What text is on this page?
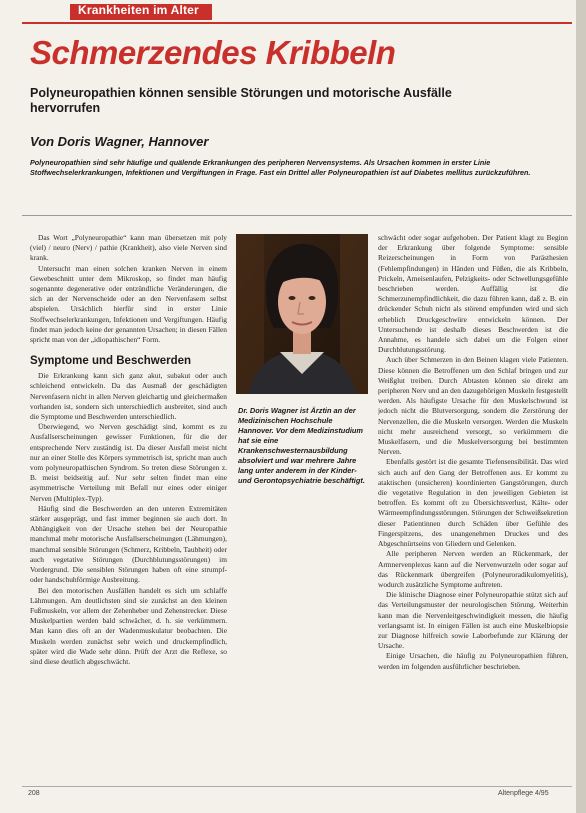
Krankheiten im Alter
Schmerzendes Kribbeln
Polyneuropathien können sensible Störungen und motorische Ausfälle hervorrufen
Von Doris Wagner, Hannover

Polyneuropathien sind sehr häufige und quälende Erkrankungen des peripheren Nervensystems. Als Ursachen kommen in erster Linie Stoffwechselerkrankungen, Infektionen und Vergiftungen in Frage. Fast ein Drittel aller Polyneuropathien ist auf Diabetes mellitus zurückzuführen.

Das Wort „Polyneuropathie“ kann man übersetzen mit poly (viel) / neuro (Nerv) / pathie (Krankheit), also viele Nerven sind krank.

Untersucht man einen solchen kranken Nerven in einem Gewebeschnitt unter dem Mikroskop, so findet man häufig sogenannte degenerative oder entzündliche Veränderungen, die sich an der Nervenscheide oder an den Nervenfasern selbst abspielen. Ursächlich hierfür sind in erster Linie Stoffwechselerkrankungen, Infektionen und Vergiftungen. Häufig findet man jedoch keine der genannten Ursachen; in diesen Fällen spricht man von der „idiopathischen“ Form.

Symptome und Beschwerden

Die Erkrankung kann sich ganz akut, subakut oder auch schleichend entwickeln. Da das Ausmaß der geschädigten Nervenfasern nicht in allen Nerven gleichartig und gleichermaßen vorhanden ist, sondern sich unterschiedlich ausbreitet, sind auch die Symptome und Beschwerden unterschiedlich.

Überwiegend, wo Nerven geschädigt sind, kommt es zu Ausfallserscheinungen gewisser Funktionen, für die der entsprechende Nerv zuständig ist. Da dieser Ausfall meist nicht nur an einer Stelle des Körpers symmetrisch ist, spricht man auch vom polyneuropathischen Syndrom. So treten diese Störungen z. B. meist beidseitig auf. Nur sehr selten findet man eine asymmetrische Verteilung mit Befall nur eines oder einiger Nerven (Multiplex-Typ).

Häufig sind die Beschwerden an den unteren Extremitäten stärker ausgeprägt, und fast immer beginnen sie auch dort. In Abhängigkeit von der Ursache stehen bei der Neuropathie manchmal mehr motorische Ausfallserscheinungen (Lähmungen), manchmal sensible Störungen (Schmerz, Kribbeln, Taubheit) oder auch vegetative Störungen (Durchblutungsstörungen) im Vordergrund. Die sensiblen Störungen haben oft eine strumpf- oder handschuhförmige Ausbreitung.

Bei den motorischen Ausfällen handelt es sich um schlaffe Lähmungen. Am deutlichsten sind sie zunächst an den kleinen Fußmuskeln, vor allem der Zehenheber und Zehenstrecker. Diese Muskelpartien werden bald schwächer, d. h. sie verkümmern. Man kann dies oft an der Wadenmuskulatur beobachten. Die Muskeln werden zunächst sehr weich und druckempfindlich, später wird die Wade sehr dünn. Prüft der Arzt die Reflexe, so sind diese deutlich abgeschwächt.

Dr. Doris Wagner ist Ärztin an der Medizinischen Hochschule Hannover. Vor dem Medizinstudium hat sie eine Krankenschwesternausbildung absolviert und war mehrere Jahre lang unter anderem in der Kinder- und Gerontopsychiatrie beschäftigt.

schwächt oder sogar aufgehoben. Der Patient klagt zu Beginn der Erkrankung über folgende Symptome: sensible Reizerscheinungen in Form von Parästhesien (Fehlempfindungen) in Händen und Füßen, die als Kribbeln, Prickeln, Ameisenlaufen, Pelzigkeits- oder Schwellungsgefühle beschrieben werden. Auffällig ist die Schmerzunempfindlichkeit, die dazu führen kann, daß z. B. ein drückender Schuh nicht als störend empfunden wird und sich erheblich Druckgeschwüre entwickeln können. Der Untersuchende ist deshalb dieses Beschwerden ist die Annahme, es handele sich dabei um die Folgen einer Durchblutungsstörung.

Auch über Schmerzen in den Beinen klagen viele Patienten. Diese können die Betroffenen um den Schlaf bringen und zur Weißglut treiben. Durch Abtasten können sie direkt am peripheren Nerv und an den dazugehörigen Muskeln festgestellt werden. Als häufigste Ursache für den Muskelschwund ist jedoch nicht die Blutversorgung, sondern die Zerstörung der Nervenzellen, die die Muskeln versorgen. Werden die Muskeln nicht mehr ausreichend versorgt, so verkümmern die Muskelfasern, und die Muskelversorgung bei bestimmten Nerven.

Ebenfalls gestört ist die gesamte Tiefensensibilität. Das wird sich auch auf den Gang der Betroffenen aus. Er kommt zu ataktischen (unsicheren) koordinierten Gangstörungen, durch die vegetative Regulation in den jeweiligen Gebieten ist betroffen. Es kommt oft zu Übersichtsverlust, Kälte- oder Wärmeempfindungsstörungen. Störungen der Schweißsekretion dieser Patientinnen durch Schäden über Gefühle des Fingerspitzens, des unangenehmen Druckes und des Abgeschnürtseins von Gliedern und Gelenken.

Alle peripheren Nerven werden an Rückenmark, der Armnervenplexus kann auf die Nervenwurzeln oder sogar auf das Rückenmark übergreifen (Polyneuroradikulomyelitis), wodurch zusätzliche Symptome auftreten.

Die klinische Diagnose einer Polyneuropathie stützt sich auf das Verteilungsmuster der neurologischen Störung. Weiterhin kann man die Nervenleitgeschwindigkeit messen, die häufig verlangsamt ist. In einigen Fällen ist auch eine Muskelbiopsie zur Diagnose hilfreich sowie Laborbefunde zur Klärung der Ursache.

Einige Ursachen, die häufig zu Polyneuropathien führen, werden im folgenden ausführlicher beschrieben.

208	Altenpflege 4/95
